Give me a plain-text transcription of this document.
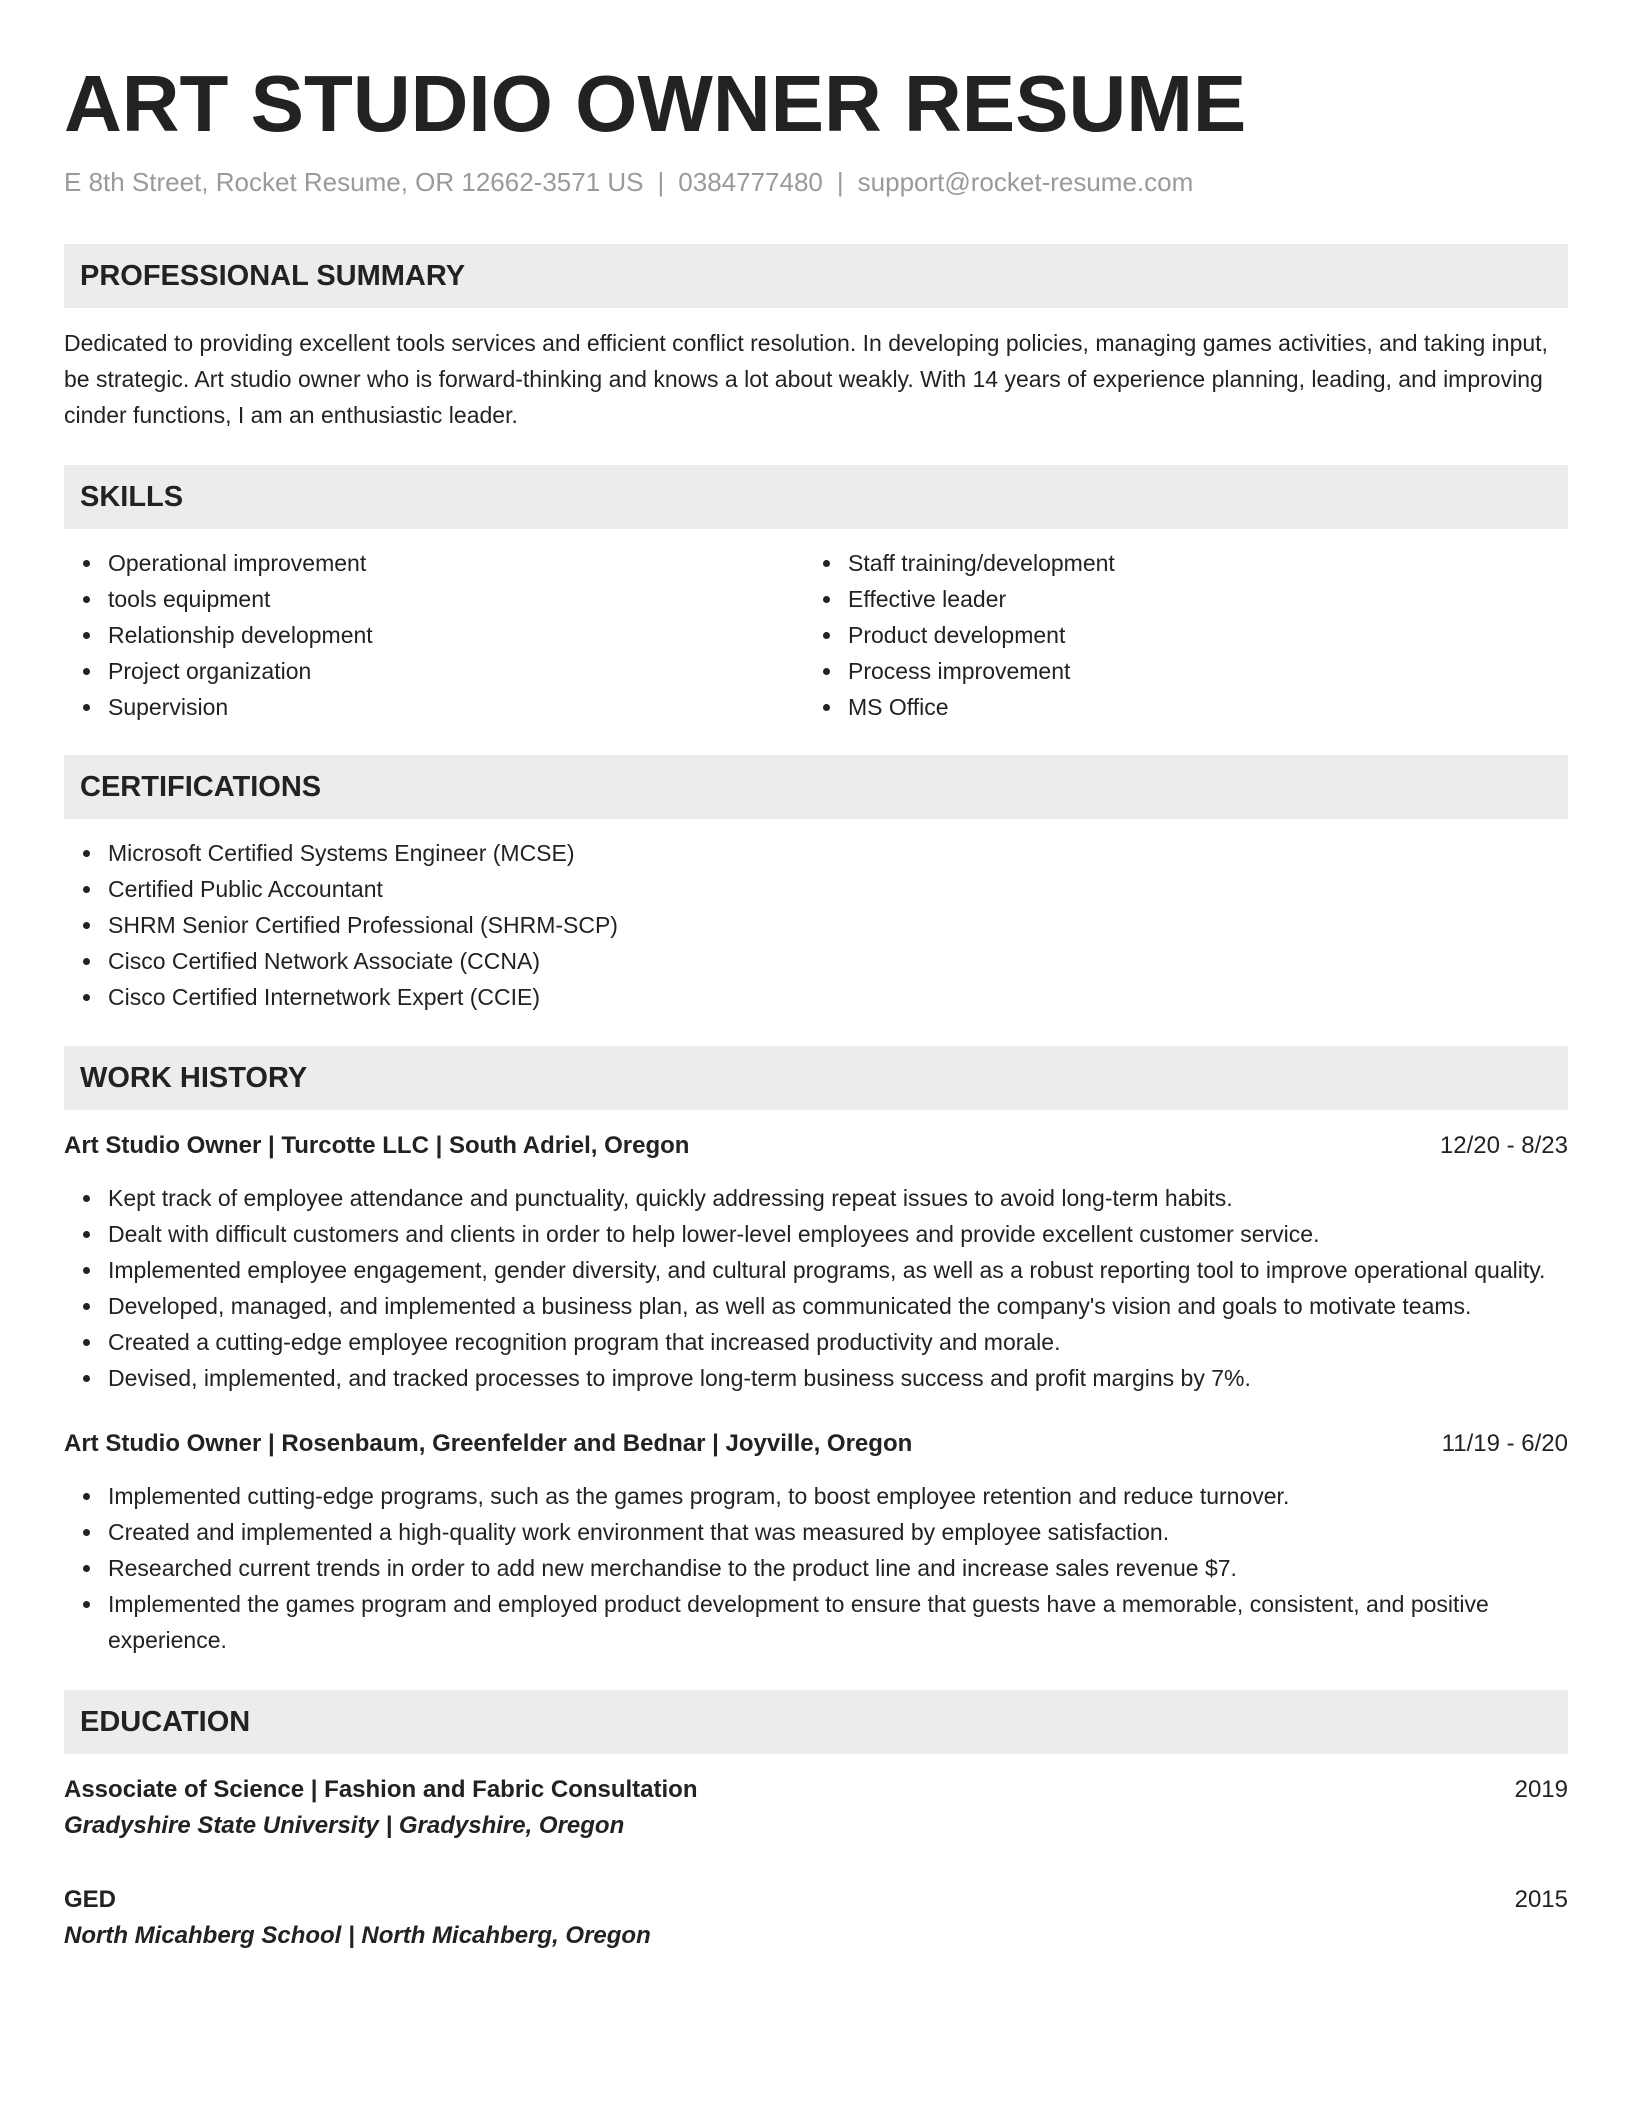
ART STUDIO OWNER RESUME
E 8th Street, Rocket Resume, OR 12662-3571 US | 0384777480 | support@rocket-resume.com
PROFESSIONAL SUMMARY

Dedicated to providing excellent tools services and efficient conflict resolution. In developing policies, managing games activities, and taking input, be strategic. Art studio owner who is forward-thinking and knows a lot about weakly. With 14 years of experience planning, leading, and improving cinder functions, I am an enthusiastic leader.

SKILLS
Operational improvement
tools equipment
Relationship development
Project organization
Supervision
Staff training/development
Effective leader
Product development
Process improvement
MS Office
CERTIFICATIONS
Microsoft Certified Systems Engineer (MCSE)
Certified Public Accountant
SHRM Senior Certified Professional (SHRM-SCP)
Cisco Certified Network Associate (CCNA)
Cisco Certified Internetwork Expert (CCIE)
WORK HISTORY
Art Studio Owner | Turcotte LLC | South Adriel, Oregon	12/20 - 8/23
Kept track of employee attendance and punctuality, quickly addressing repeat issues to avoid long-term habits.
Dealt with difficult customers and clients in order to help lower-level employees and provide excellent customer service.
Implemented employee engagement, gender diversity, and cultural programs, as well as a robust reporting tool to improve operational quality.
Developed, managed, and implemented a business plan, as well as communicated the company's vision and goals to motivate teams.
Created a cutting-edge employee recognition program that increased productivity and morale.
Devised, implemented, and tracked processes to improve long-term business success and profit margins by 7%.
Art Studio Owner | Rosenbaum, Greenfelder and Bednar | Joyville, Oregon	11/19 - 6/20
Implemented cutting-edge programs, such as the games program, to boost employee retention and reduce turnover.
Created and implemented a high-quality work environment that was measured by employee satisfaction.
Researched current trends in order to add new merchandise to the product line and increase sales revenue $7.
Implemented the games program and employed product development to ensure that guests have a memorable, consistent, and positive experience.
EDUCATION
Associate of Science | Fashion and Fabric Consultation	2019
Gradyshire State University | Gradyshire, Oregon
GED	2015
North Micahberg School | North Micahberg, Oregon
